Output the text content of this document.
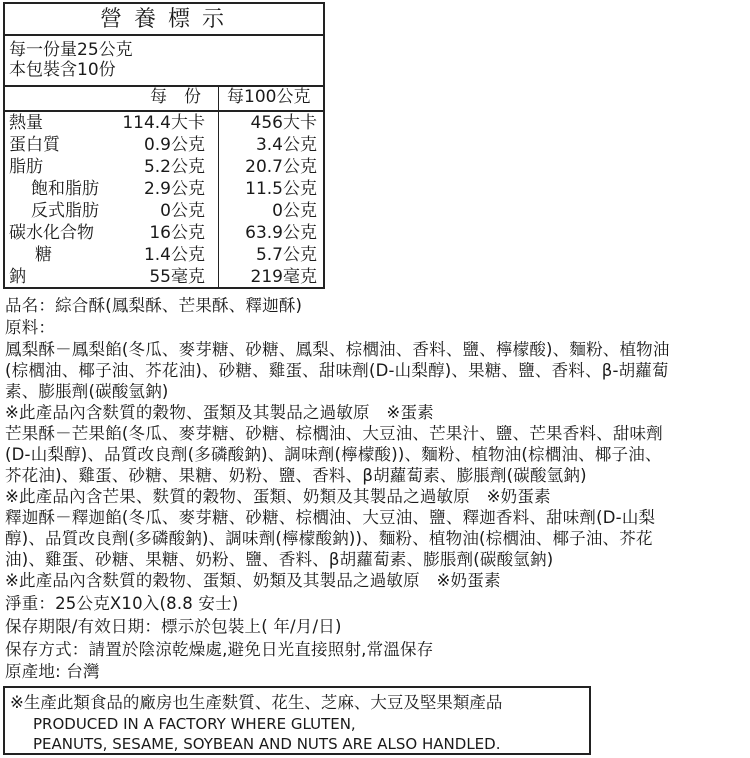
營養標示
每一份量25公克
本包裝含10份
每　份 每100公克
熱量	114.4大卡	456大卡
蛋白質	0.9公克	3.4公克
脂肪	5.2公克 20.7公克
飽和脂肪	2.9公克 11.5公克
反式脂肪	0公克	0公克
碳水化合物	16公克 63.9公克
糖	1.4公克	5.7公克
鈉	55毫克	219毫克
品名：綜合酥(鳳梨酥、芒果酥、釋迦酥)
原料：
鳳梨酥－鳳梨餡(冬瓜、麥芽糖、砂糖、鳳梨、棕櫚油、香料、鹽、檸檬酸)、麵粉、植物油
(棕櫚油、椰子油、芥花油)、砂糖、雞蛋、甜味劑(D-山梨醇)、果糖、鹽、香料、β-胡蘿蔔
素、膨脹劑(碳酸氫鈉)
※此產品內含麩質的穀物、蛋類及其製品之過敏原　※蛋素
芒果酥－芒果餡(冬瓜、麥芽糖、砂糖、棕櫚油、大豆油、芒果汁、鹽、芒果香料、甜味劑
(D-山梨醇)、品質改良劑(多磷酸鈉)、調味劑(檸檬酸))、麵粉、植物油(棕櫚油、椰子油、
芥花油)、雞蛋、砂糖、果糖、奶粉、鹽、香料、β胡蘿蔔素、膨脹劑(碳酸氫鈉)
※此產品內含芒果、麩質的穀物、蛋類、奶類及其製品之過敏原　※奶蛋素
釋迦酥－釋迦餡(冬瓜、麥芽糖、砂糖、棕櫚油、大豆油、鹽、釋迦香料、甜味劑(D-山梨
醇)、品質改良劑(多磷酸鈉)、調味劑(檸檬酸鈉))、麵粉、植物油(棕櫚油、椰子油、芥花
油)、雞蛋、砂糖、果糖、奶粉、鹽、香料、β胡蘿蔔素、膨脹劑(碳酸氫鈉)
※此產品內含麩質的穀物、蛋類、奶類及其製品之過敏原　※奶蛋素
淨重：25公克X10入(8.8 安士)
保存期限/有效日期：標示於包裝上( 年/月/日)
保存方式：請置於陰涼乾燥處,避免日光直接照射,常溫保存
原產地: 台灣
※生產此類食品的廠房也生產麩質、花生、芝麻、大豆及堅果類產品
PRODUCED IN A FACTORY WHERE GLUTEN,
PEANUTS, SESAME, SOYBEAN AND NUTS ARE ALSO HANDLED.
